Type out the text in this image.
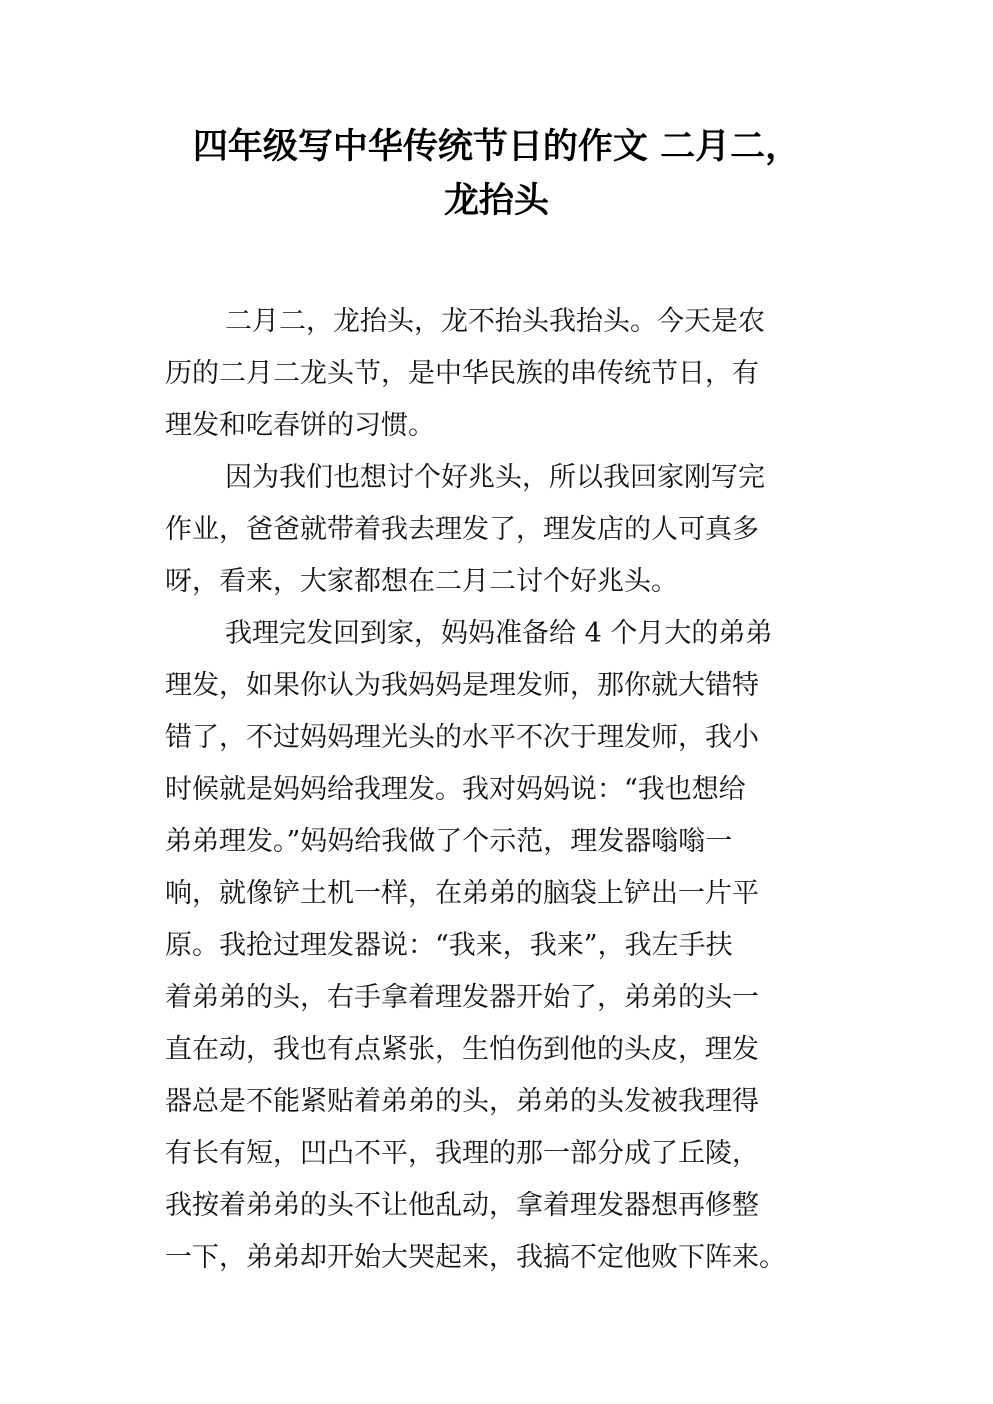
四年级写中华传统节日的作文 二月二，
龙抬头
二月二，龙抬头，龙不抬头我抬头。今天是农
历的二月二龙头节，是中华民族的串传统节日，有
理发和吃春饼的习惯。
因为我们也想讨个好兆头，所以我回家刚写完
作业，爸爸就带着我去理发了，理发店的人可真多
呀，看来，大家都想在二月二讨个好兆头。
我理完发回到家，妈妈准备给 4 个月大的弟弟
理发，如果你认为我妈妈是理发师，那你就大错特
错了，不过妈妈理光头的水平不次于理发师，我小
时候就是妈妈给我理发。我对妈妈说：“我也想给
弟弟理发。”妈妈给我做了个示范，理发器嗡嗡一
响，就像铲土机一样，在弟弟的脑袋上铲出一片平
原。我抢过理发器说：“我来，我来”，我左手扶
着弟弟的头，右手拿着理发器开始了，弟弟的头一
直在动，我也有点紧张，生怕伤到他的头皮，理发
器总是不能紧贴着弟弟的头，弟弟的头发被我理得
有长有短，凹凸不平，我理的那一部分成了丘陵，
我按着弟弟的头不让他乱动，拿着理发器想再修整
一下，弟弟却开始大哭起来，我搞不定他败下阵来。
